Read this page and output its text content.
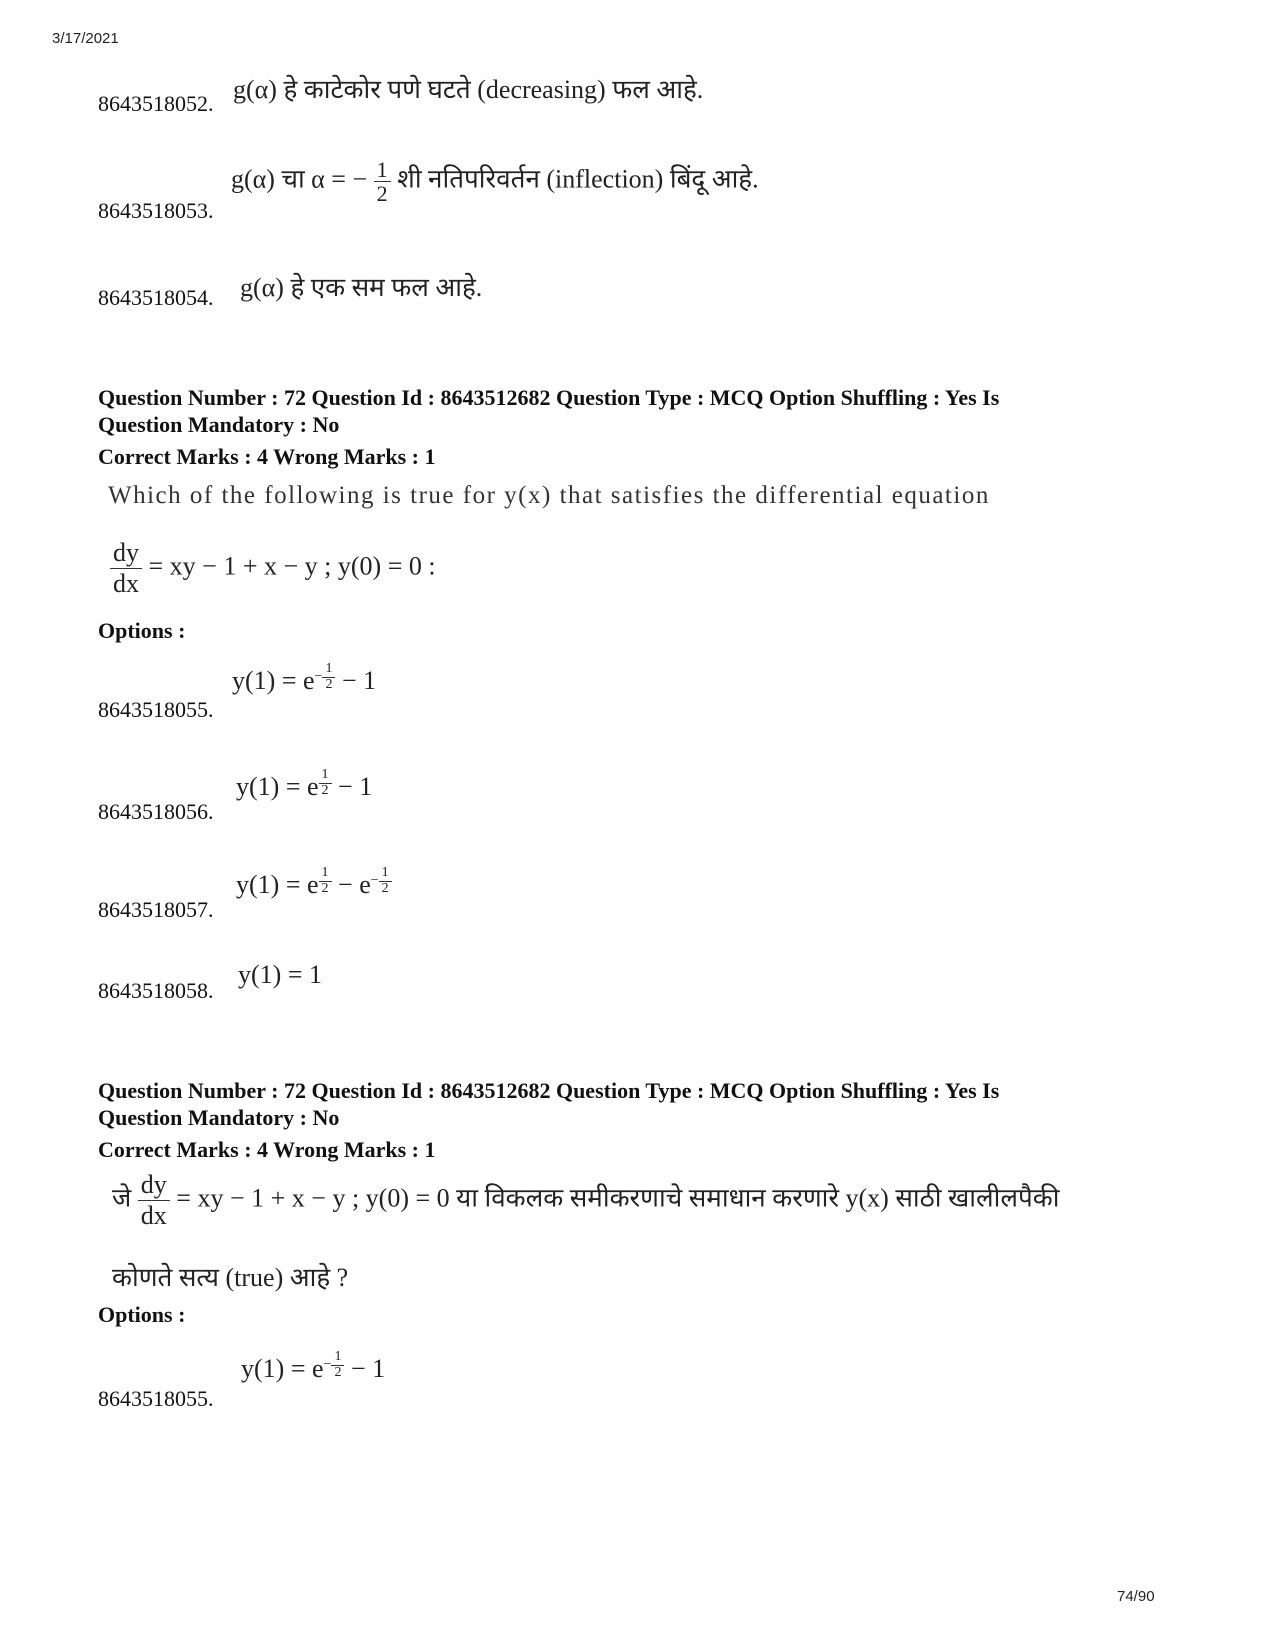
3/17/2021
g(α) हे काटेकोर पणे घटते (decreasing) फल आहे.
8643518052.
g(α) चा α = − $\frac{1}{2}$ शी नतिपरिवर्तन (inflection) बिंदू आहे.
8643518053.
g(α) हे एक सम फल आहे.
8643518054.
Question Number : 72 Question Id : 8643512682 Question Type : MCQ Option Shuffling : Yes Is
Question Mandatory : No
Correct Marks : 4 Wrong Marks : 1
Which of the following is true for y(x) that satisfies the differential equation
$\frac{dy}{dx}$ = xy − 1 + x − y ; y(0) = 0 :
Options :
$y(1) = e^{- \frac{1}{2}} - 1$
8643518055.
y(1) = e $^{\frac{1}{2}}$ − 1
8643518056.
y(1) = e $^{\frac{1}{2}} - e^{- \frac{1}{2}}$
8643518057.
y(1) = 1
8643518058.
Question Number : 72 Question Id : 8643512682 Question Type : MCQ Option Shuffling : Yes Is
Question Mandatory : No
Correct Marks : 4 Wrong Marks : 1
जे $\frac{dy}{dx}$ = xy − 1 + x − y ; y(0) = 0 या विकलक समीकरणाचे समाधान करणारे y(x) साठी खालीलपैकी
कोणते सत्य (true) आहे ?
Options :
$y(1) = e^{- \frac{1}{2}} - 1$
8643518055.
74/90
